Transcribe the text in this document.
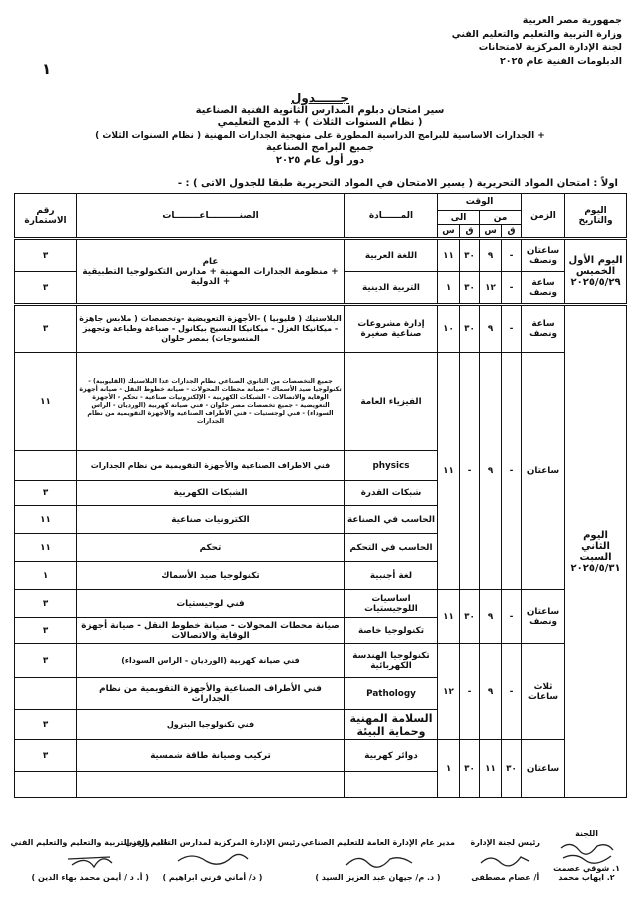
جمهورية مصر العربية
وزارة التربية والتعليم والتعليم الفني
لجنة الإدارة المركزية لامتحانات
الدبلومات الفنية عام ٢٠٢٥
١
جــــــدول
سير امتحان دبلوم المدارس الثانوية الفنية الصناعية
( نظام السنوات الثلاث ) + الدمج التعليمي
+ الجدارات الاساسية للبرامج الدراسية المطورة على منهجية الجدارات المهنية ( نظام السنوات الثلاث )
جميع البرامج الصناعية
دور أول عام ٢٠٢٥
اولاً : امتحان المواد التحريرية ( يسير الامتحان في المواد التحريرية طبقا للجدول الاتى ) : -
اليوم والتاريخ	الزمن	الوقت				المــــــادة	الصنــــــــــاعــــــــات	رقم الاستمارة
		من		الى				
		ق	س	ق	س			
اليوم الأول الخميس ٢٠٢٥/٥/٢٩	ساعتان ونصف	-	٩	٣٠	١١	اللغة العربية	عام
+ منظومة الجدارات المهنية + مدارس التكنولوجيا التطبيقية + الدولية	٣
	ساعة ونصف	-	١٢	٣٠	١	التربية الدينية		٣
اليوم الثاني السبت ٢٠٢٥/٥/٣١	ساعة ونصف	-	٩	٣٠	١٠	إدارة مشروعات صناعية صغيرة	البلاستيك ( فليوبيا ) -الأجهزة التعويضية -وتخصصات ( ملابس جاهزة - ميكانيكا الغزل - ميكانيكا النسيج بيكانول - صباغة وطباعة وتجهيز المنسوجات) بمصر حلوان	٣
	ساعتان	-	٩	-	١١	الفيزياء العامة	جميع التخصصات من الثانوي الصناعي نظام الجدارات عدا البلاستيك (القليوبية) - تكنولوجيا صيد الأسماك - صيانة محطات المحولات - صيانة خطوط النقل - صيانة أجهزة الوقاية والاتصالات - الشبكات الكهربية - الإلكترونيات صناعية - تحكم - الأجهزة التعويضية - جميع تخصصات مصر حلوان - فني صيانة كهربية (الورديان - الراس السوداء) - فني لوجستيات - فني الأطراف الصناعية والأجهزة التقويمية من نظام الجدارات	١١
						physics	فني الاطراف الصناعية والأجهزة التقويمية من نظام الجدارات	
						شبكات القدرة	الشبكات الكهربية	٣
						الحاسب في الصناعة	الكترونيات صناعية	١١
						الحاسب في التحكم	تحكم	١١
						لغة أجنبية	تكنولوجيا صيد الأسماك	١
	ساعتان ونصف	-	٩	٣٠	١١	اساسيات اللوجيستيات	فني لوجيستيات	٣
						تكنولوجيا خاصة	صيانة محطات المحولات - صيانة خطوط النقل - صيانة أجهزة الوقاية والاتصالات	٣
	ثلاث ساعات	-	٩	-	١٢	تكنولوجيا الهندسة الكهربائية	فني صيانة كهربية (الورديان - الراس السوداء)	٣
						Pathology	فني الأطراف الصناعية والأجهزة التقويمية من نظام الجدارات	
						السلامة المهنية وحماية البيئة	فني تكنولوجيا البترول	٣
	ساعتان	٣٠	١١	٣٠	١	دوائر كهربية	تركيب وصيانة طاقة شمسية	٣

اللجنة
١. شوقي عصمت
٢. ايهاب محمد
رئيس لجنة الإدارة
أ/ عصام مصطفى
مدير عام الإدارة العامة للتعليم الصناعي
( د. م/ جيهان عبد العزيز السيد )
رئيس الإدارة المركزية لمدارس التعليم الفني
( د/ أماني قرني ابراهيم )
نائب وزير التربية والتعليم والتعليم الفني
( أ. د / أيمن محمد بهاء الدين )
